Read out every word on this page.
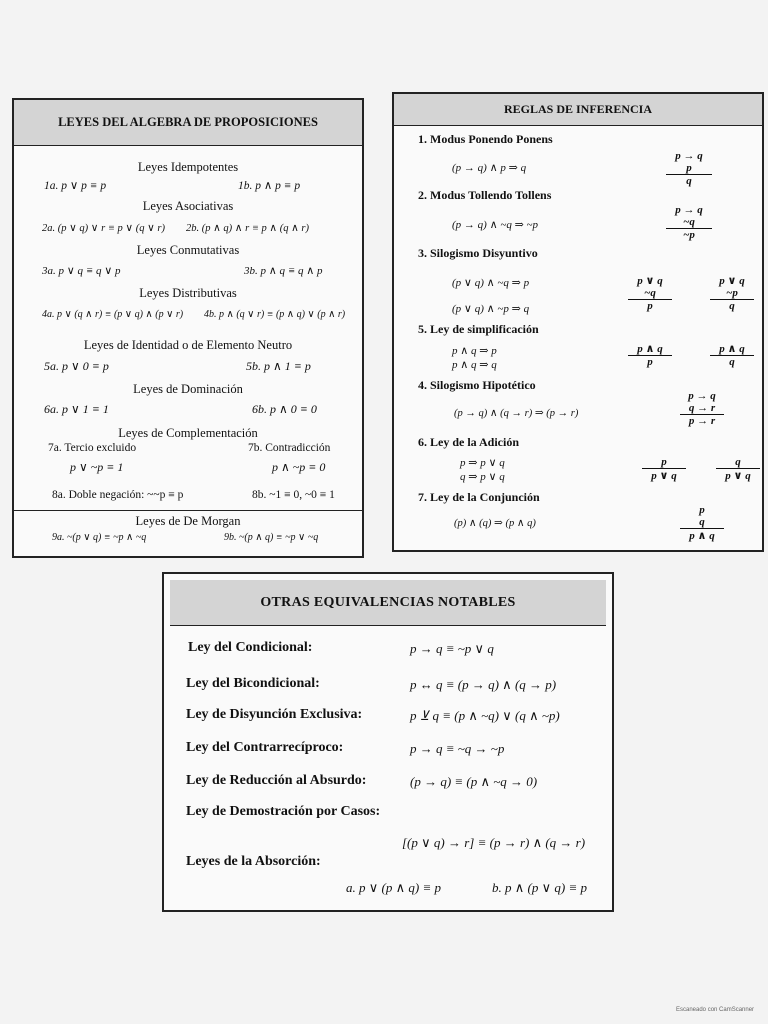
LEYES DEL ALGEBRA DE PROPOSICIONES
Leyes Idempotentes
1a. p ∨ p ≡ p	1b. p ∧ p ≡ p
Leyes Asociativas
2a. (p ∨ q) ∨ r ≡ p ∨ (q ∨ r) 2b. (p ∧ q) ∧ r ≡ p ∧ (q ∧ r)
Leyes Conmutativas
3a. p ∨ q ≡ q ∨ p	3b. p ∧ q ≡ q ∧ p
Leyes Distributivas
4a. p ∨ (q ∧ r) ≡ (p ∨ q) ∧ (p ∨ r) 4b. p ∧ (q ∨ r) ≡ (p ∧ q) ∨ (p ∧ r)
Leyes de Identidad o de Elemento Neutro
5a. p ∨ 0 ≡ p	5b. p ∧ 1 ≡ p
Leyes de Dominación
6a. p ∨ 1 ≡ 1	6b. p ∧ 0 ≡ 0
Leyes de Complementación
7a. Tercio excluido	7b. Contradicción
p ∨ ~p ≡ 1	p ∧ ~p ≡ 0
8a. Doble negación: ~~p ≡ p	8b. ~1 ≡ 0, ~0 ≡ 1
Leyes de De Morgan
9a. ~(p ∨ q) ≡ ~p ∧ ~q	9b. ~(p ∧ q) ≡ ~p ∨ ~q
REGLAS DE INFERENCIA
1. Modus Ponendo Ponens
(p → q) ∧ p ⇒ q
p → q
p
q
2. Modus Tollendo Tollens
(p → q) ∧ ~q ⇒ ~p
p → q
~q
~p
3. Silogismo Disyuntivo
(p ∨ q) ∧ ~q ⇒ p
(p ∨ q) ∧ ~p ⇒ q
p ∨ q
~q
p
p ∨ q
~p
q
5. Ley de simplificación
p ∧ q ⇒ p
p ∧ q ⇒ q	$\frac{p \wedge q}{p}$	$\frac{p \wedge q}{q}$
4. Silogismo Hipotético
(p → q) ∧ (q → r) ⇒ (p → r)
p → q
q → r
p → r
6. Ley de la Adición
p ⇒ p ∨ q
q ⇒ p ∨ q	$\frac{p}{p \vee q}$	$\frac{q}{p \vee q}$
7. Ley de la Conjunción
(p) ∧ (q) ⇒ (p ∧ q)
p
q
p ∧ q
OTRAS EQUIVALENCIAS NOTABLES
Ley del Condicional:	p → q ≡ ~p ∨ q
Ley del Bicondicional:	p ↔ q ≡ (p → q) ∧ (q → p)
Ley de Disyunción Exclusiva:	p ⊻ q ≡ (p ∧ ~q) ∨ (q ∧ ~p)
Ley del Contrarrecíproco:	p → q ≡ ~q → ~p
Ley de Reducción al Absurdo:	(p → q) ≡ (p ∧ ~q → 0)
Ley de Demostración por Casos:
[(p ∨ q) → r] ≡ (p → r) ∧ (q → r)
Leyes de la Absorción:
a. p ∨ (p ∧ q) ≡ p	b. p ∧ (p ∨ q) ≡ p
Escaneado con CamScanner
